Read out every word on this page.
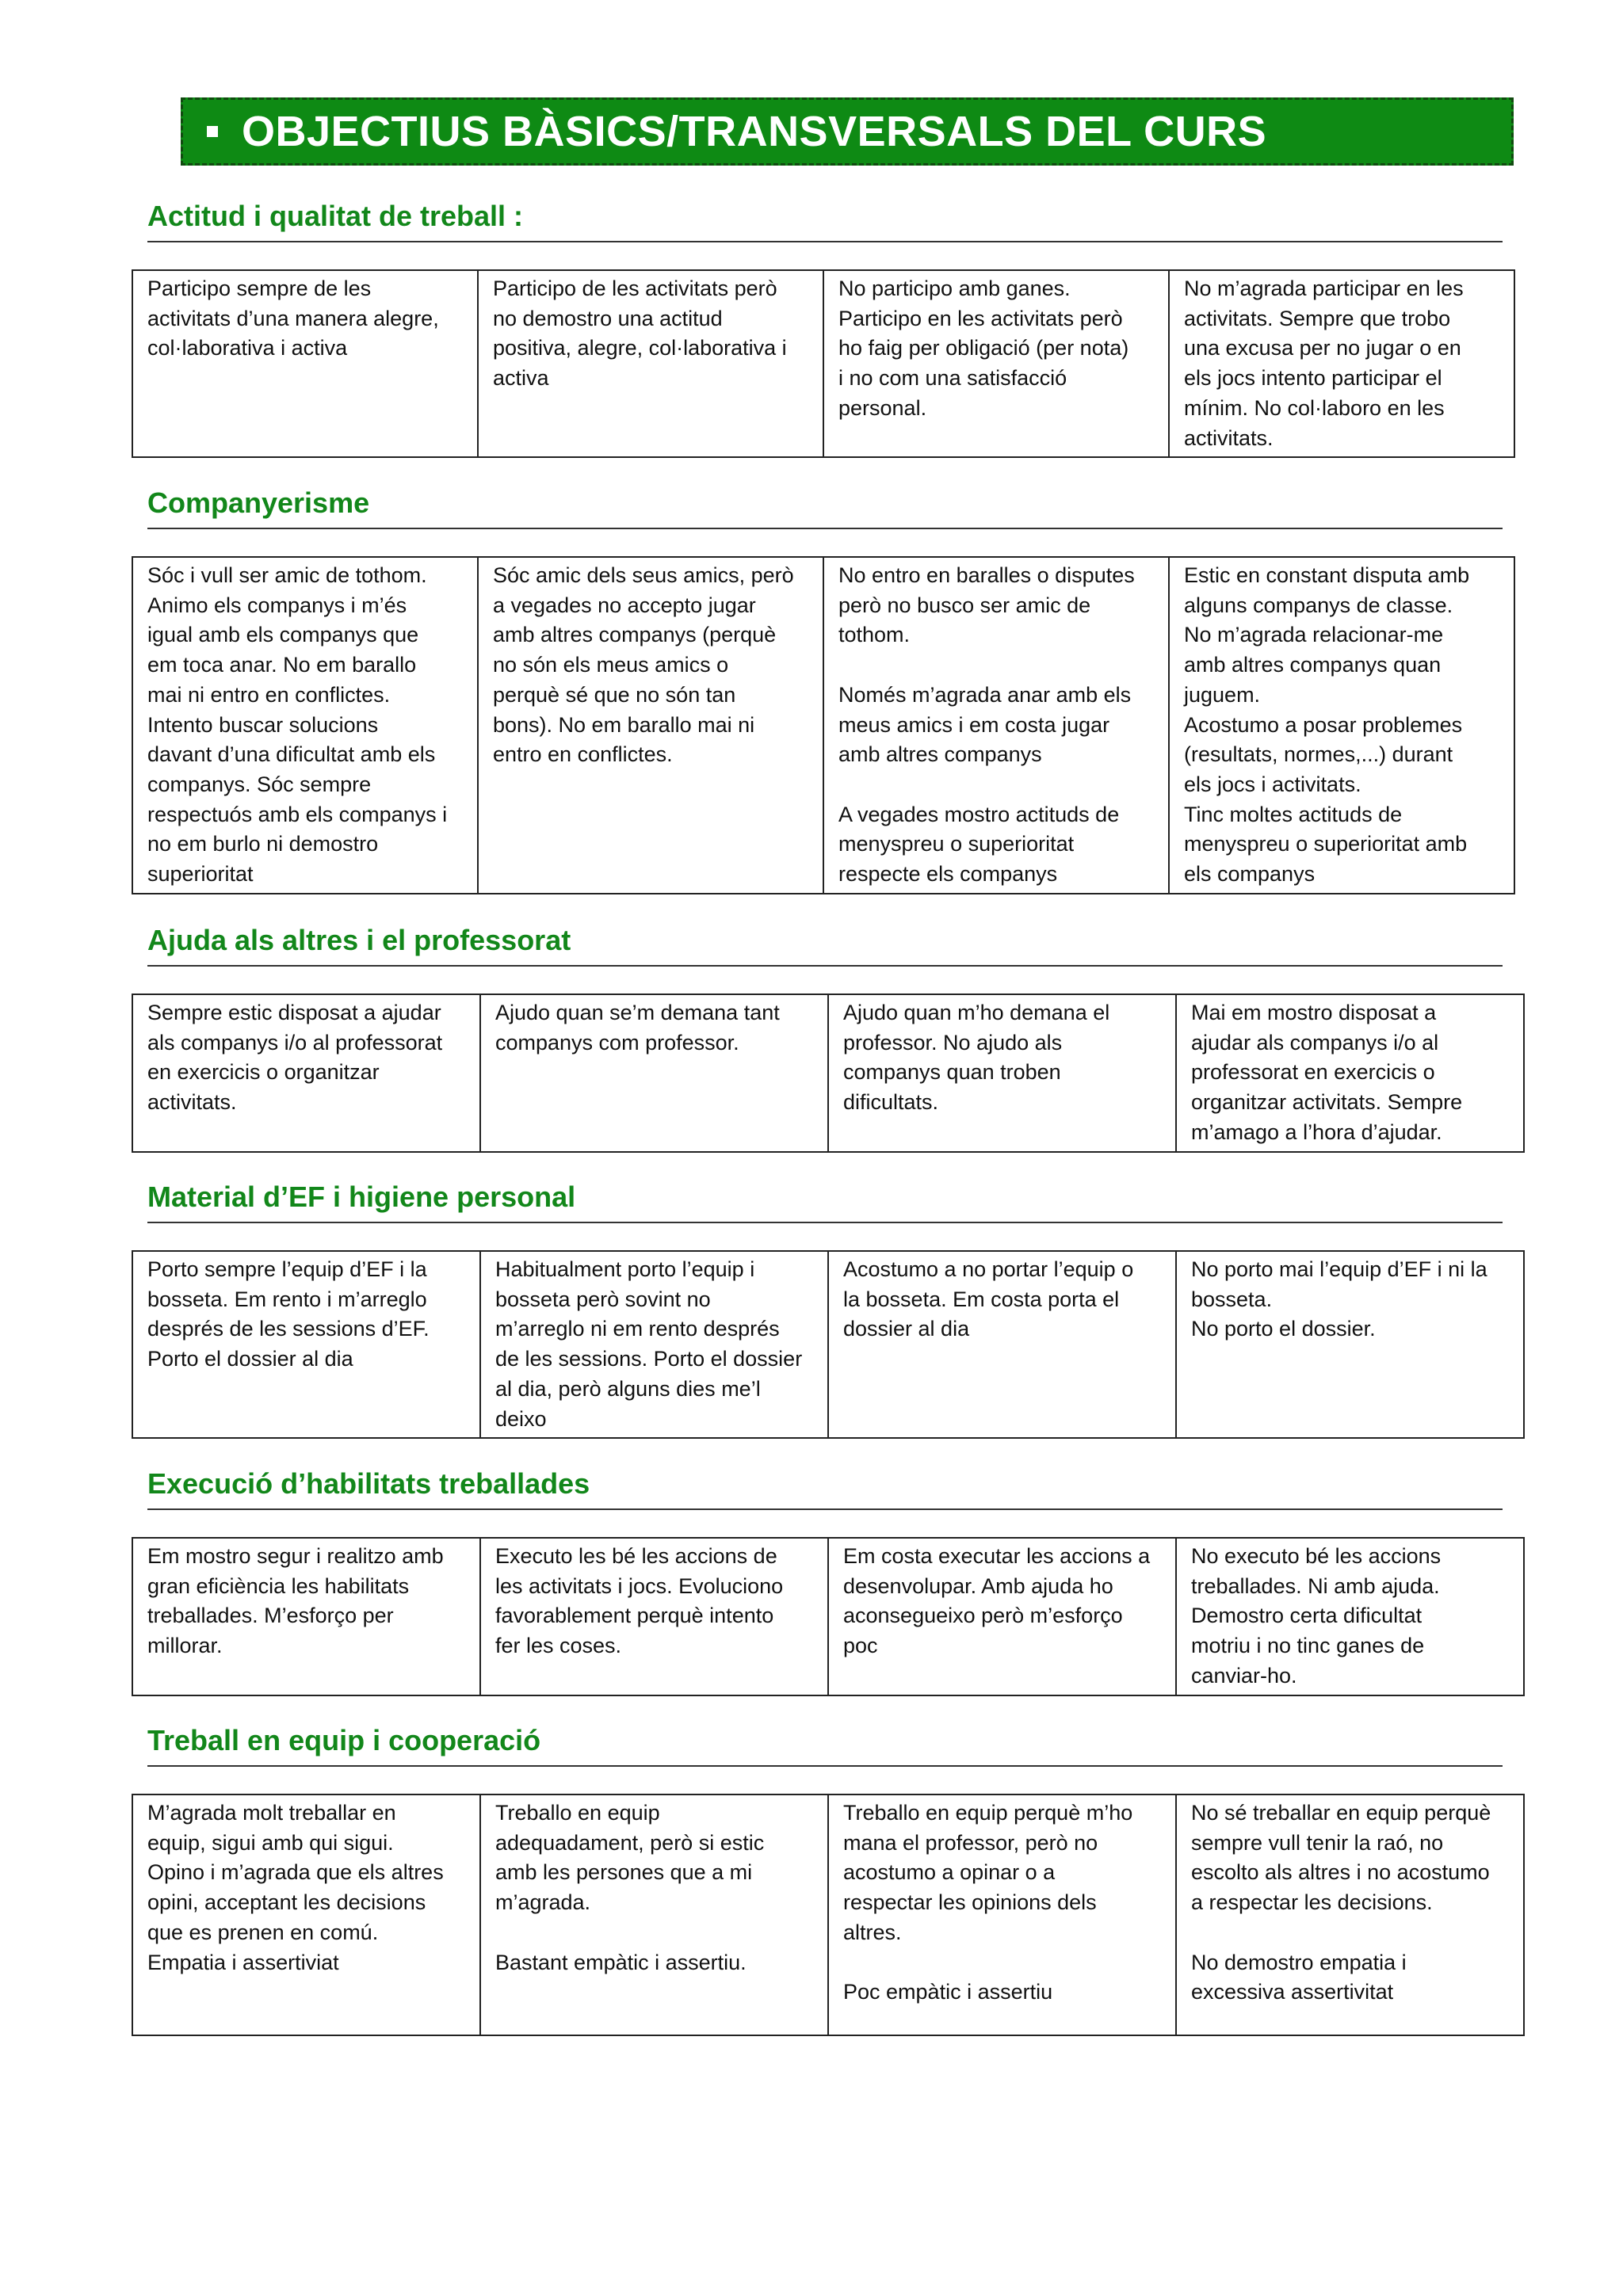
OBJECTIUS BÀSICS/TRANSVERSALS DEL CURS
Actitud i qualitat de treball :
Participo sempre de les
activitats d’una manera alegre,
col·laborativa i activa	Participo de les activitats però
no demostro una actitud
positiva, alegre, col·laborativa i
activa	No participo amb ganes.
Participo en les activitats però
ho faig per obligació (per nota)
i no com una satisfacció
personal.	No m’agrada participar en les
activitats. Sempre que trobo
una excusa per no jugar o en
els jocs intento participar el
mínim. No col·laboro en les
activitats.
Companyerisme
Sóc i vull ser amic de tothom.
Animo els companys i m’és
igual amb els companys que
em toca anar. No em barallo
mai ni entro en conflictes.
Intento buscar solucions
davant d’una dificultat amb els
companys. Sóc sempre
respectuós amb els companys i
no em burlo ni demostro
superioritat	Sóc amic dels seus amics, però
a vegades no accepto jugar
amb altres companys (perquè
no són els meus amics o
perquè sé que no són tan
bons). No em barallo mai ni
entro en conflictes.	No entro en baralles o disputes
però no busco ser amic de
tothom.

Només m’agrada anar amb els
meus amics i em costa jugar
amb altres companys

A vegades mostro actituds de
menyspreu o superioritat
respecte els companys	Estic en constant disputa amb
alguns companys de classe.
No m’agrada relacionar-me
amb altres companys quan
juguem.
Acostumo a posar problemes
(resultats, normes,...) durant
els jocs i activitats.
Tinc moltes actituds de
menyspreu o superioritat amb
els companys
Ajuda als altres i el professorat
Sempre estic disposat a ajudar
als companys i/o al professorat
en exercicis o organitzar
activitats.	Ajudo quan se’m demana tant
companys com professor.	Ajudo quan m’ho demana el
professor. No ajudo als
companys quan troben
dificultats.	Mai em mostro disposat a
ajudar als companys i/o al
professorat en exercicis o
organitzar activitats. Sempre
m’amago a l’hora d’ajudar.
Material d’EF i higiene personal
Porto sempre l’equip d’EF i la
bosseta. Em rento i m’arreglo
després de les sessions d’EF.
Porto el dossier al dia	Habitualment porto l’equip i
bosseta però sovint no
m’arreglo ni em rento després
de les sessions. Porto el dossier
al dia, però alguns dies me’l
deixo	Acostumo a no portar l’equip o
la bosseta. Em costa porta el
dossier al dia	No porto mai l’equip d’EF i ni la
bosseta.
No porto el dossier.
Execució d’habilitats treballades
Em mostro segur i realitzo amb
gran eficiència les habilitats
treballades. M’esforço per
millorar.	Executo les bé les accions de
les activitats i jocs. Evoluciono
favorablement perquè intento
fer les coses.	Em costa executar les accions a
desenvolupar. Amb ajuda ho
aconsegueixo però m’esforço
poc	No executo bé les accions
treballades. Ni amb ajuda.
Demostro certa dificultat
motriu i no tinc ganes de
canviar-ho.
Treball en equip i cooperació
M’agrada molt treballar en
equip, sigui amb qui sigui.
Opino i m’agrada que els altres
opini, acceptant les decisions
que es prenen en comú.
Empatia i assertiviat	Treballo en equip
adequadament, però si estic
amb les persones que a mi
m’agrada.

Bastant empàtic i assertiu.	Treballo en equip perquè m’ho
mana el professor, però no
acostumo a opinar o a
respectar les opinions dels
altres.

Poc empàtic i assertiu	No sé treballar en equip perquè
sempre vull tenir la raó, no
escolto als altres i no acostumo
a respectar les decisions.

No demostro empatia i
excessiva assertivitat
